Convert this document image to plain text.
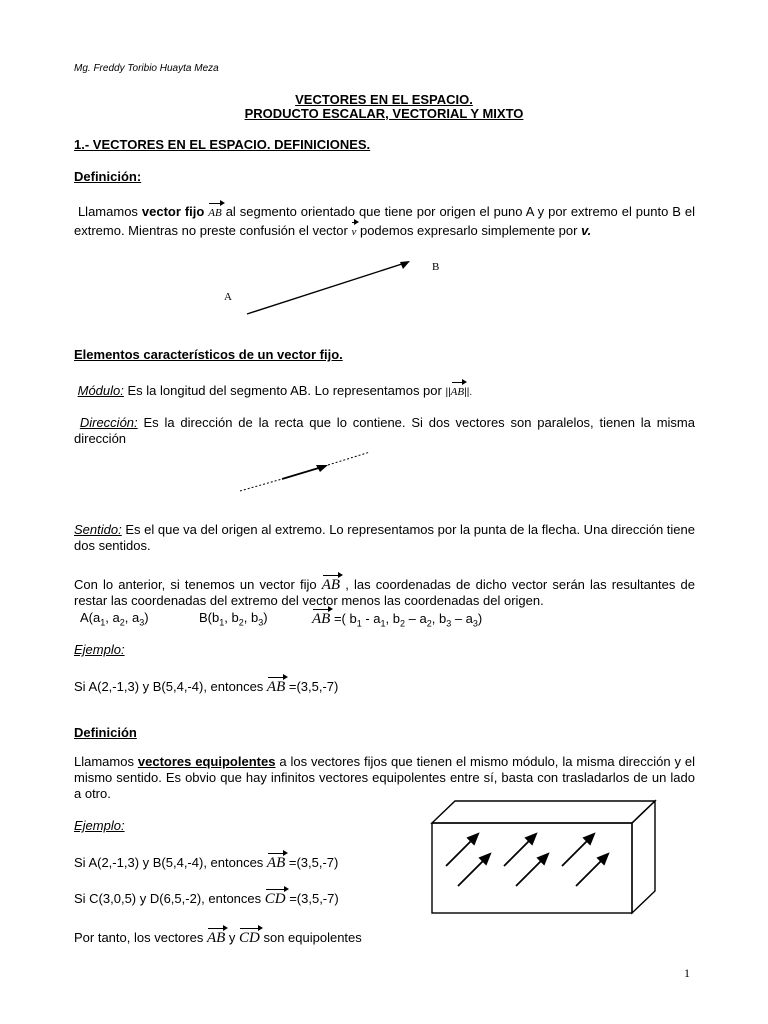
Mg. Freddy Toribio Huayta Meza
VECTORES EN EL ESPACIO.
PRODUCTO ESCALAR, VECTORIAL Y MIXTO
1.- VECTORES EN EL ESPACIO. DEFINICIONES.
Definición:
Llamamos vector fijo AB al segmento orientado que tiene por origen el puno A y por extremo el punto B el extremo. Mientras no preste confusión el vector v podemos expresarlo simplemente por v.
A
B
Elementos característicos de un vector fijo.
Módulo: Es la longitud del segmento AB. Lo representamos por ||AB||.
Dirección: Es la dirección de la recta que lo contiene. Si dos vectores son paralelos, tienen la misma dirección
Sentido: Es el que va del origen al extremo. Lo representamos por la punta de la flecha. Una dirección tiene dos sentidos.
Con lo anterior, si tenemos un vector fijo AB , las coordenadas de dicho vector serán las resultantes de restar las coordenadas del extremo del vector menos las coordenadas del origen.
$A(a_1$, $a_2$, $a_3$)	$B(b_1$, $b_2$, $b_3$)	AB =( $b_1 - a_1$, $b_2 - a_2$, $b_3 - a_3$)
Ejemplo:
Si A(2,-1,3) y B(5,4,-4), entonces AB =(3,5,-7)
Definición
Llamamos vectores equipolentes a los vectores fijos que tienen el mismo módulo, la misma dirección y el mismo sentido. Es obvio que hay infinitos vectores equipolentes entre sí, basta con trasladarlos de un lado a otro.
Ejemplo:
Si A(2,-1,3) y B(5,4,-4), entonces AB =(3,5,-7)
Si C(3,0,5) y D(6,5,-2), entonces CD =(3,5,-7)
Por tanto, los vectores AB y CD son equipolentes
1
